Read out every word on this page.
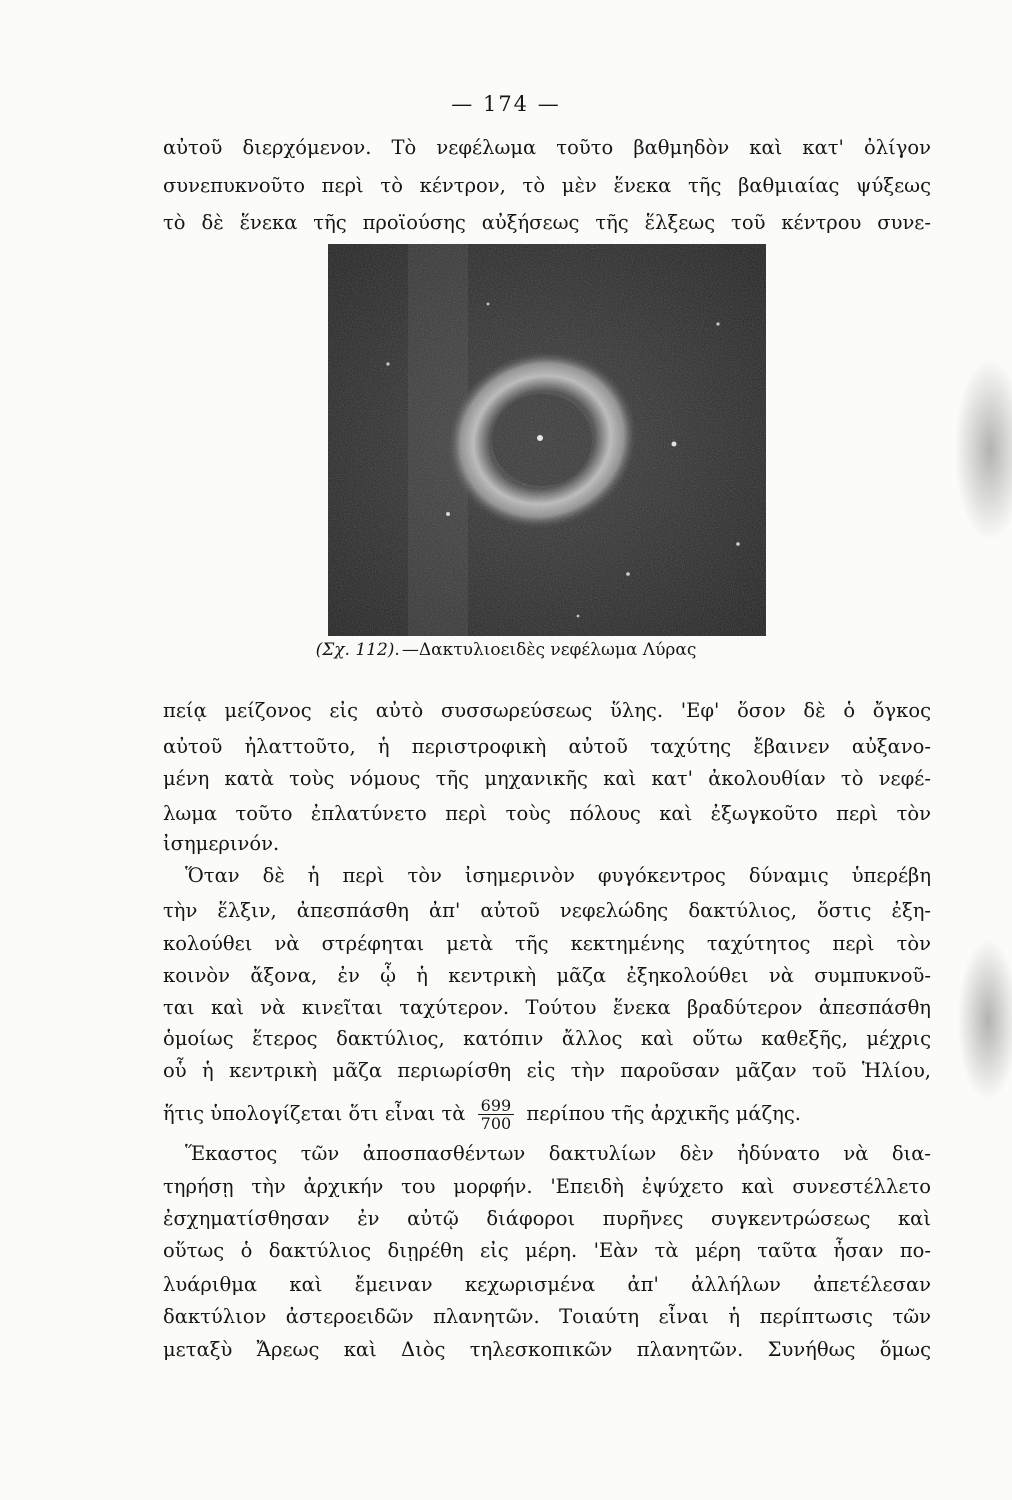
— 174 —
αὐτοῦ διερχόμενον. Τὸ νεφέλωμα τοῦτο βαθμηδὸν καὶ κατ' ὀλίγον
συνεπυκνοῦτο περὶ τὸ κέντρον, τὸ μὲν ἕνεκα τῆς βαθμιαίας ψύξεως
τὸ δὲ ἕνεκα τῆς προϊούσης αὐξήσεως τῆς ἕλξεως τοῦ κέντρου συνε-
(Σχ. 112). —Δακτυλιοειδὲς νεφέλωμα Λύρας
πείᾳ μείζονος εἰς αὐτὸ συσσωρεύσεως ὕλης. 'Εφ' ὅσον δὲ ὁ ὄγκος
αὐτοῦ ἠλαττοῦτο, ἡ περιστροφικὴ αὐτοῦ ταχύτης ἔβαινεν αὐξανο-
μένη κατὰ τοὺς νόμους τῆς μηχανικῆς καὶ κατ' ἀκολουθίαν τὸ νεφέ-
λωμα τοῦτο ἐπλατύνετο περὶ τοὺς πόλους καὶ ἐξωγκοῦτο περὶ τὸν
ἰσημερινόν.
Ὅταν δὲ ἡ περὶ τὸν ἰσημερινὸν φυγόκεντρος δύναμις ὑπερέβη
τὴν ἕλξιν, ἀπεσπάσθη ἀπ' αὐτοῦ νεφελώδης δακτύλιος, ὅστις ἐξη-
κολούθει νὰ στρέφηται μετὰ τῆς κεκτημένης ταχύτητος περὶ τὸν
κοινὸν ἄξονα, ἐν ᾧ ἡ κεντρικὴ μᾶζα ἐξηκολούθει νὰ συμπυκνοῦ-
ται καὶ νὰ κινεῖται ταχύτερον. Τούτου ἕνεκα βραδύτερον ἀπεσπάσθη
ὁμοίως ἕτερος δακτύλιος, κατόπιν ἄλλος καὶ οὕτω καθεξῆς, μέχρις
οὗ ἡ κεντρικὴ μᾶζα περιωρίσθη εἰς τὴν παροῦσαν μᾶζαν τοῦ Ἡλίου,
ἥτις ὑπολογίζεται ὅτι εἶναι τὰ $\frac{699}{700}$ περίπου τῆς ἀρχικῆς μάζης.
Ἕκαστος τῶν ἀποσπασθέντων δακτυλίων δὲν ἠδύνατο νὰ δια-
τηρήσῃ τὴν ἀρχικήν του μορφήν. 'Επειδὴ ἐψύχετο καὶ συνεστέλλετο
ἐσχηματίσθησαν ἐν αὐτῷ διάφοροι πυρῆνες συγκεντρώσεως καὶ
οὕτως ὁ δακτύλιος διῃρέθη εἰς μέρη. 'Εὰν τὰ μέρη ταῦτα ἦσαν πο-
λυάριθμα καὶ ἔμειναν κεχωρισμένα ἀπ' ἀλλήλων ἀπετέλεσαν
δακτύλιον ἀστεροειδῶν πλανητῶν. Τοιαύτη εἶναι ἡ περίπτωσις τῶν
μεταξὺ Ἄρεως καὶ Διὸς τηλεσκοπικῶν πλανητῶν. Συνήθως ὅμως
